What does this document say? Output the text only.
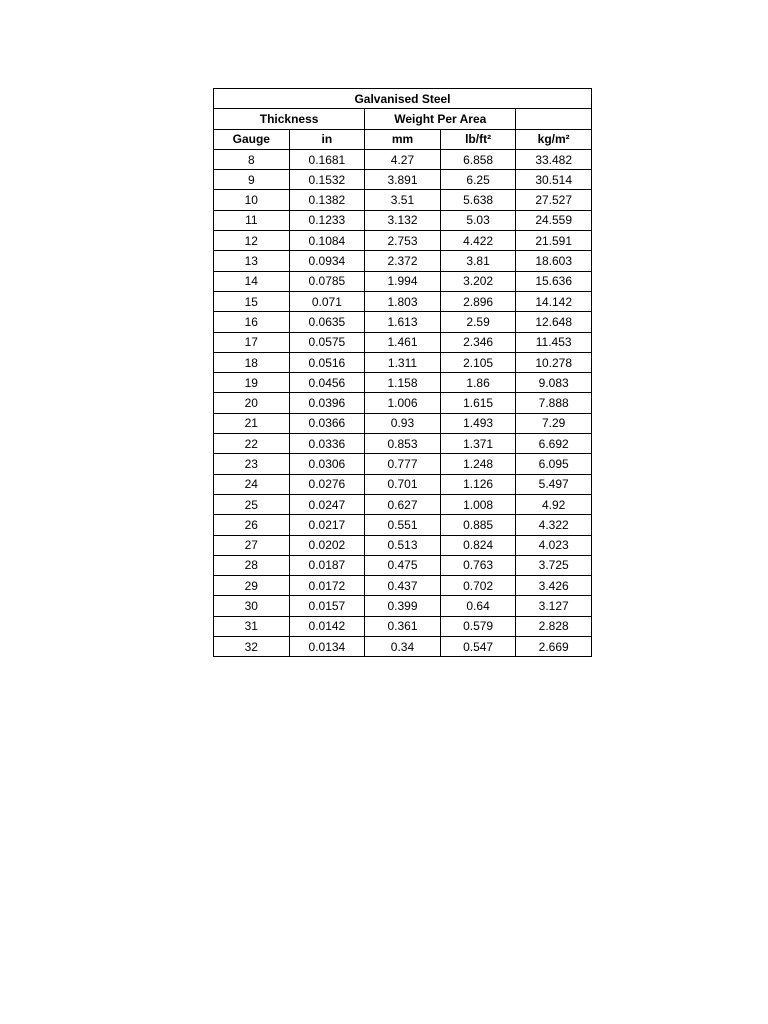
Galvanised Steel				
Thickness		Weight Per Area		
Gauge	in	mm	lb/ft²	kg/m²
8	0.1681	4.27	6.858	33.482
9	0.1532	3.891	6.25	30.514
10	0.1382	3.51	5.638	27.527
11	0.1233	3.132	5.03	24.559
12	0.1084	2.753	4.422	21.591
13	0.0934	2.372	3.81	18.603
14	0.0785	1.994	3.202	15.636
15	0.071	1.803	2.896	14.142
16	0.0635	1.613	2.59	12.648
17	0.0575	1.461	2.346	11.453
18	0.0516	1.311	2.105	10.278
19	0.0456	1.158	1.86	9.083
20	0.0396	1.006	1.615	7.888
21	0.0366	0.93	1.493	7.29
22	0.0336	0.853	1.371	6.692
23	0.0306	0.777	1.248	6.095
24	0.0276	0.701	1.126	5.497
25	0.0247	0.627	1.008	4.92
26	0.0217	0.551	0.885	4.322
27	0.0202	0.513	0.824	4.023
28	0.0187	0.475	0.763	3.725
29	0.0172	0.437	0.702	3.426
30	0.0157	0.399	0.64	3.127
31	0.0142	0.361	0.579	2.828
32	0.0134	0.34	0.547	2.669
